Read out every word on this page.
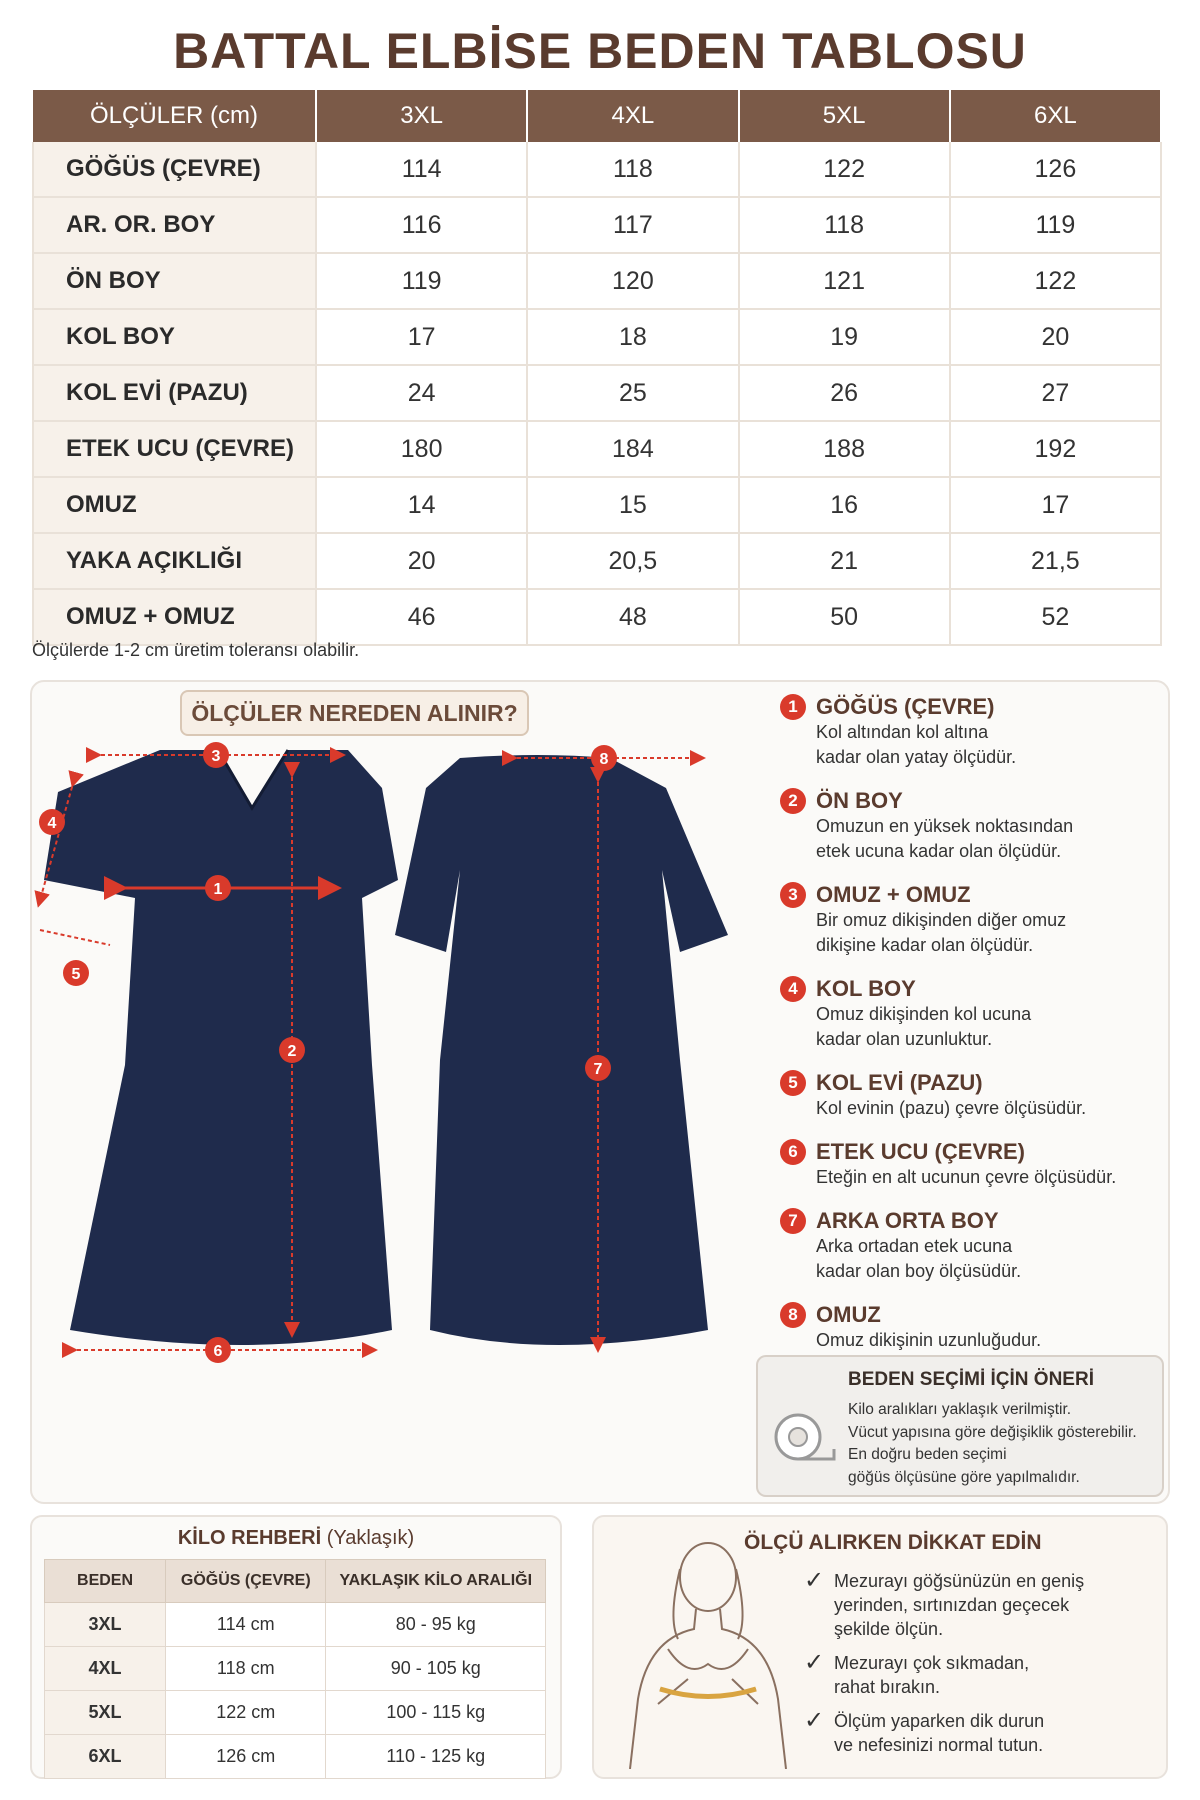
BATTAL ELBİSE BEDEN TABLOSU
ÖLÇÜLER (cm)	3XL	4XL	5XL	6XL
GÖĞÜS (ÇEVRE)	114	118	122	126
AR. OR. BOY	116	117	118	119
ÖN BOY	119	120	121	122
KOL BOY	17	18	19	20
KOL EVİ (PAZU)	24	25	26	27
ETEK UCU (ÇEVRE)	180	184	188	192
OMUZ	14	15	16	17
YAKA AÇIKLIĞI	20	20,5	21	21,5
OMUZ + OMUZ	46	48	50	52
Ölçülerde 1-2 cm üretim toleransı olabilir.
ÖLÇÜLER NEREDEN ALINIR?
3
1
2
4
5
6
7
8
1 GÖĞÜS (ÇEVRE)
Kol altından kol altına
kadar olan yatay ölçüdür.
2 ÖN BOY
Omuzun en yüksek noktasından
etek ucuna kadar olan ölçüdür.
3 OMUZ + OMUZ
Bir omuz dikişinden diğer omuz
dikişine kadar olan ölçüdür.
4 KOL BOY
Omuz dikişinden kol ucuna
kadar olan uzunluktur.
5 KOL EVİ (PAZU)
Kol evinin (pazu) çevre ölçüsüdür.
6 ETEK UCU (ÇEVRE)
Eteğin en alt ucunun çevre ölçüsüdür.
7 ARKA ORTA BOY
Arka ortadan etek ucuna
kadar olan boy ölçüsüdür.
8 OMUZ
Omuz dikişinin uzunluğudur.
BEDEN SEÇİMİ İÇİN ÖNERİ
Kilo aralıkları yaklaşık verilmiştir.
Vücut yapısına göre değişiklik gösterebilir.
En doğru beden seçimi
göğüs ölçüsüne göre yapılmalıdır.
KİLO REHBERİ (Yaklaşık)
BEDEN	GÖĞÜS (ÇEVRE)	YAKLAŞIK KİLO ARALIĞI
3XL	114 cm	80 - 95 kg
4XL	118 cm	90 - 105 kg
5XL	122 cm	100 - 115 kg
6XL	126 cm	110 - 125 kg
ÖLÇÜ ALIRKEN DİKKAT EDİN
✓ Mezurayı göğsünüzün en geniş
yerinden, sırtınızdan geçecek
şekilde ölçün.
✓ Mezurayı çok sıkmadan,
rahat bırakın.
✓ Ölçüm yaparken dik durun
ve nefesinizi normal tutun.
